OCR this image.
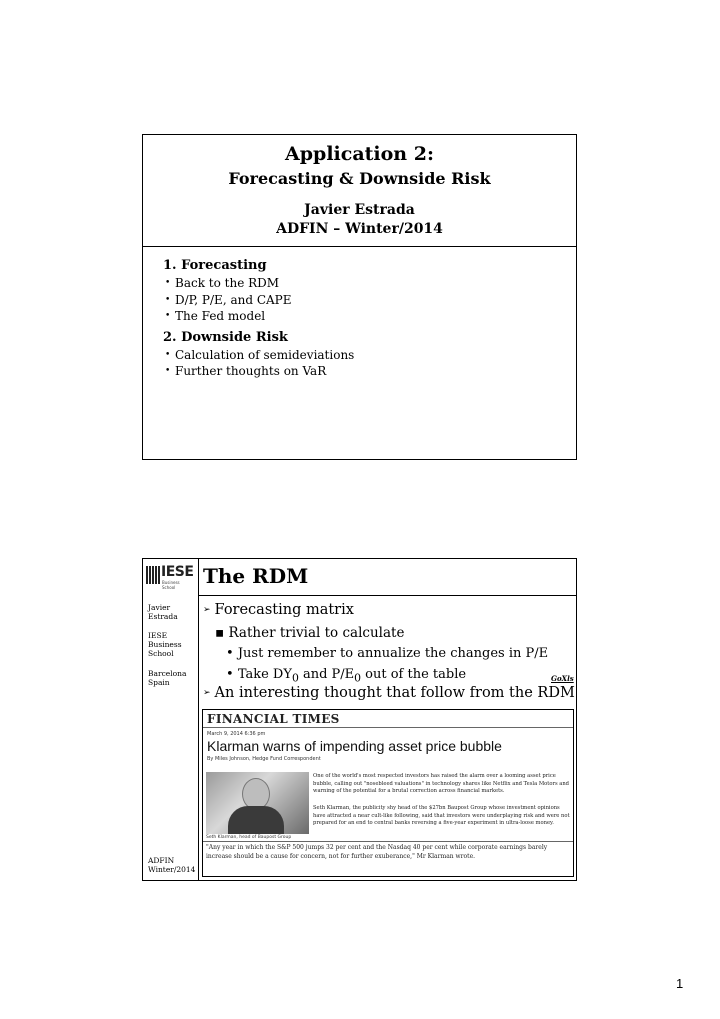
Application 2:
Forecasting & Downside Risk
Javier Estrada
ADFIN – Winter/2014
1. Forecasting
• Back to the RDM
• D/P, P/E, and CAPE
• The Fed model
2. Downside Risk
• Calculation of semideviations
• Further thoughts on VaR
IESE
Business School	The RDM
Javier
Estrada
IESE
Business
School
Barcelona
Spain
ADFIN
Winter/2014
➢ Forecasting matrix
▪ Rather trivial to calculate
• Just remember to annualize the changes in P/E
• Take $DY_0$ and $P/E_0$ out of the table	GoXls
➢ An interesting thought that follow from the RDM
FINANCIAL TIMES
March 9, 2014 6:36 pm
Klarman warns of impending asset price bubble
By Miles Johnson, Hedge Fund Correspondent
Seth Klarman, head of Baupost Group
One of the world's most respected investors has raised the alarm over a looming asset price bubble, calling out "nosebleed valuations" in technology shares like Netflix and Tesla Motors and warning of the potential for a brutal correction across financial markets.
Seth Klarman, the publicity shy head of the $27bn Baupost Group whose investment opinions have attracted a near cult-like following, said that investors were underplaying risk and were not prepared for an end to central banks reversing a five-year experiment in ultra-loose money.
"Any year in which the S&P 500 jumps 32 per cent and the Nasdaq 40 per cent while corporate earnings barely increase should be a cause for concern, not for further exuberance," Mr Klarman wrote.
1
